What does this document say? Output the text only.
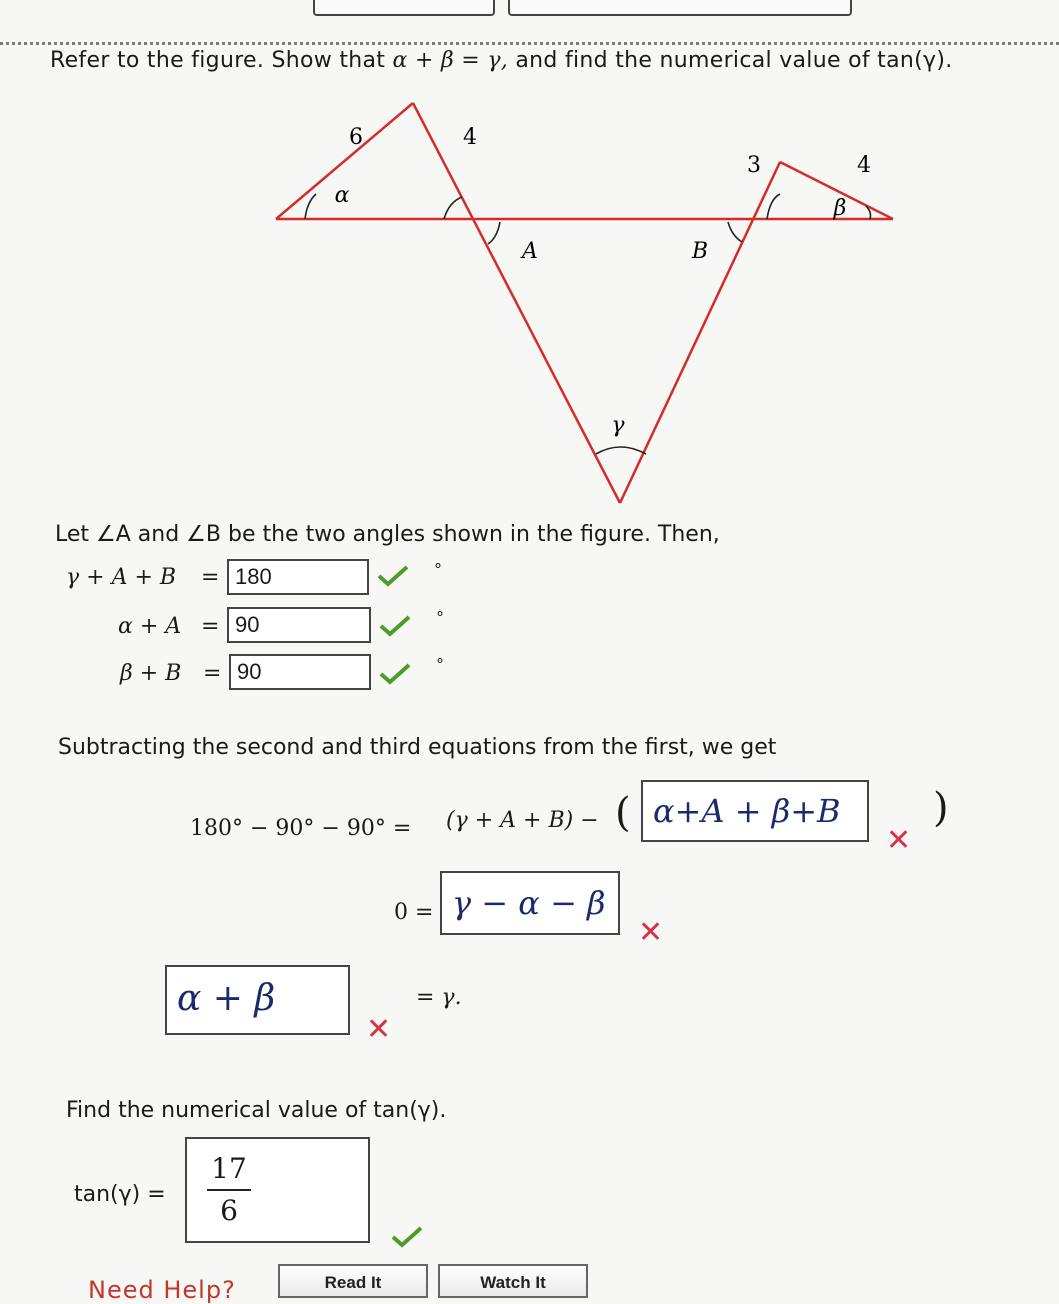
Refer to the figure. Show that α + β = γ, and find the numerical value of tan(γ).
6	4
α
3	4
β
A	B
γ
Let ∠A and ∠B be the two angles shown in the figure. Then,
γ + A + B = 180	°
α + A = 90	°
β + B = 90	°
Subtracting the second and third equations from the first, we get
180° − 90° − 90° = (γ + A + B) − ( α+A + β+B
✕
)
0 = γ − α − β
✕
α + β
✕
= γ.
Find the numerical value of tan(γ).
tan(γ) =
17
6
Need Help?	Read It	Watch It
